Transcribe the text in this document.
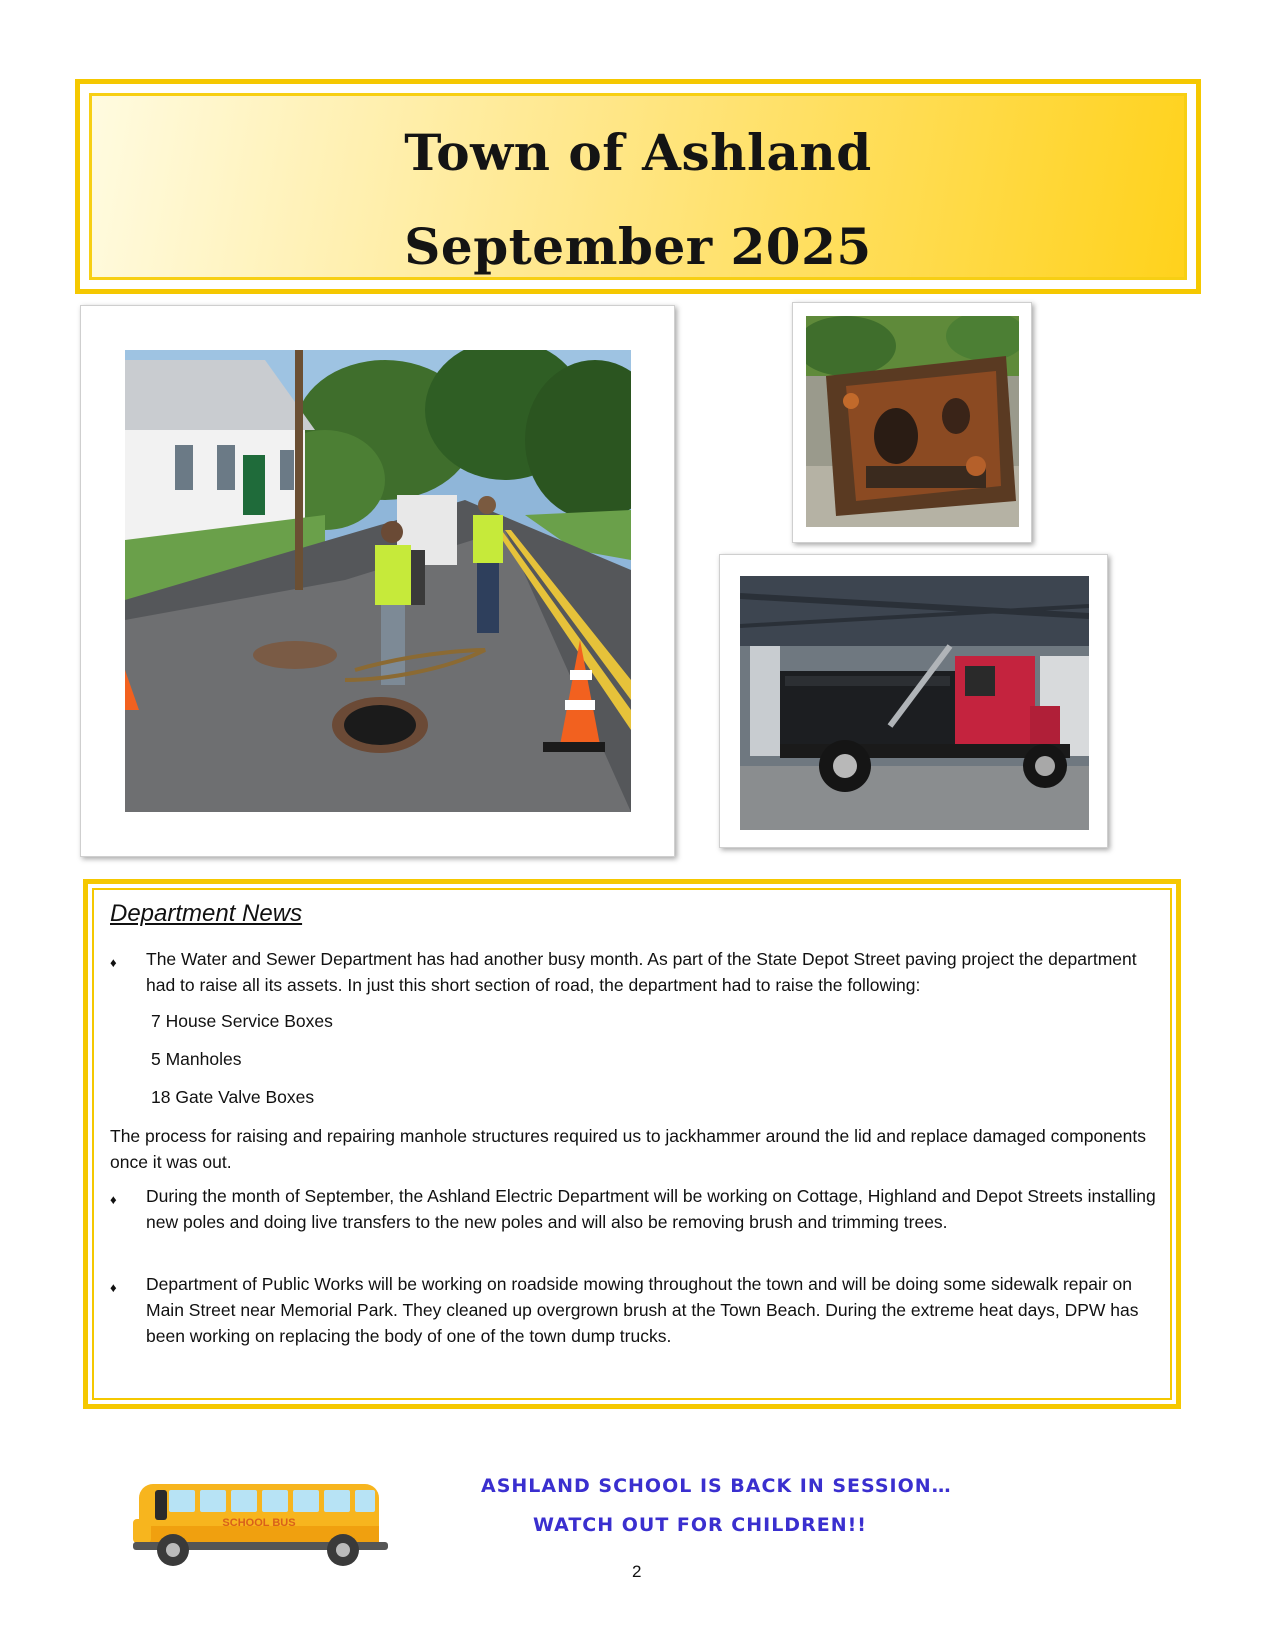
Town of Ashland
September 2025
Department News
♦ The Water and Sewer Department has had another busy month. As part of the State Depot Street paving project the department had to raise all its assets. In just this short section of road, the department had to raise the following:
7 House Service Boxes
5 Manholes
18 Gate Valve Boxes
The process for raising and repairing manhole structures required us to jackhammer around the lid and replace damaged components once it was out.
♦ During the month of September, the Ashland Electric Department will be working on Cottage, Highland and Depot Streets installing new poles and doing live transfers to the new poles and will also be removing brush and trimming trees.
♦ Department of Public Works will be working on roadside mowing throughout the town and will be doing some sidewalk repair on Main Street near Memorial Park. They cleaned up overgrown brush at the Town Beach. During the extreme heat days, DPW has been working on replacing the body of one of the town dump trucks.
SCHOOL BUS
ASHLAND SCHOOL IS BACK IN SESSION…
WATCH OUT FOR CHILDREN!!
2
